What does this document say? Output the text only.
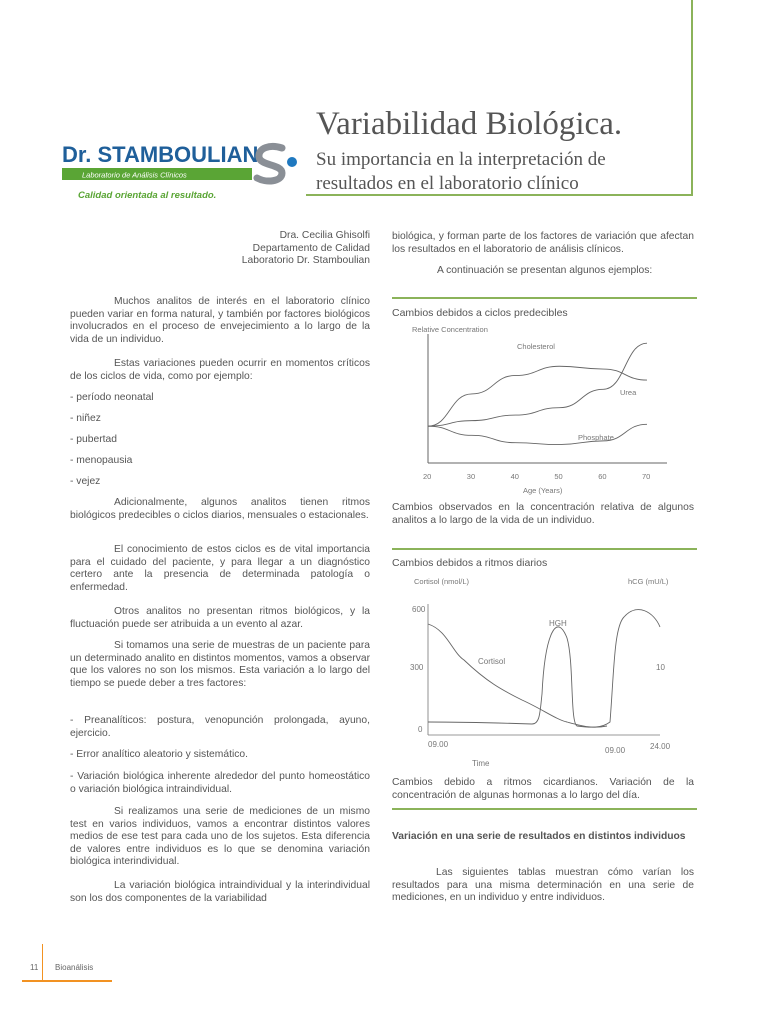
Variabilidad Biológica.
Su importancia en la interpretación de resultados en el laboratorio clínico
Dr. STAMBOULIAN
Laboratorio de Análisis Clínicos
Calidad orientada al resultado.
Dra. Cecilia Ghisolfi
Departamento de Calidad
Laboratorio Dr. Stamboulian
Muchos analitos de interés en el laboratorio clínico pueden variar en forma natural, y también por factores biológicos involucrados en el proceso de envejecimiento a lo largo de la vida de un individuo.
Estas variaciones pueden ocurrir en momentos críticos de los ciclos de vida, como por ejemplo:
- período neonatal
- niñez
- pubertad
- menopausia
- vejez
Adicionalmente, algunos analitos tienen ritmos biológicos predecibles o ciclos diarios, mensuales o estacionales.
El conocimiento de estos ciclos es de vital importancia para el cuidado del paciente, y para llegar a un diagnóstico certero ante la presencia de determinada patología o enfermedad.
Otros analitos no presentan ritmos biológicos, y la fluctuación puede ser atribuida a un evento al azar.
Si tomamos una serie de muestras de un paciente para un determinado analito en distintos momentos, vamos a observar que los valores no son los mismos. Esta variación a lo largo del tiempo se puede deber a tres factores:
- Preanalíticos: postura, venopunción prolongada, ayuno, ejercicio.
- Error analítico aleatorio y sistemático.
- Variación biológica inherente alrededor del punto homeostático o variación biológica intraindividual.
Si realizamos una serie de mediciones de un mismo test en varios individuos, vamos a encontrar distintos valores medios de ese test para cada uno de los sujetos. Esta diferencia de valores entre individuos es lo que se denomina variación biológica interindividual.
La variación biológica intraindividual y la interindividual son los dos componentes de la variabilidad
biológica, y forman parte de los factores de variación que afectan los resultados en el laboratorio de análisis clínicos.
A continuación se presentan algunos ejemplos:
Cambios debidos a ciclos predecibles
Relative Concentration
20	30	40	50	60	70
Cholesterol
Urea
Phosphate
Age (Years)
Cambios observados en la concentración relativa de algunos analitos a lo largo de la vida de un individuo.
Cambios debidos a ritmos diarios
Cortisol (nmol/L)	hCG (mU/L)
600
300
0
10
HGH
Cortisol
09.00
09.00	24.00
Time
Cambios debido a ritmos cicardianos. Variación de la concentración de algunas hormonas a lo largo del día.
Variación en una serie de resultados en distintos individuos
Las siguientes tablas muestran cómo varían los resultados para una misma determinación en una serie de mediciones, en un individuo y entre individuos.
11 Bioanálisis
